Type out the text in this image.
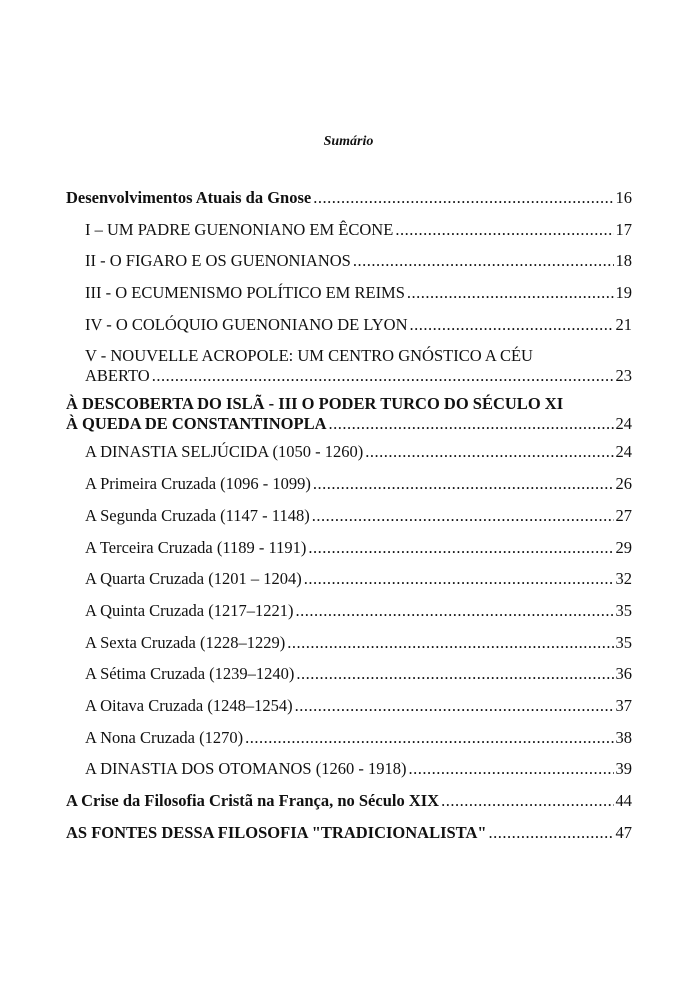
Sumário
Desenvolvimentos Atuais da Gnose .....	16
I – UM PADRE GUENONIANO EM ÊCONE .....	17
II - O FIGARO E OS GUENONIANOS .....	18
III - O ECUMENISMO POLÍTICO EM REIMS .....	19
IV - O COLÓQUIO GUENONIANO DE LYON .....	21
V - NOUVELLE ACROPOLE: UM CENTRO GNÓSTICO A CÉU
ABERTO .....	23
À DESCOBERTA DO ISLÃ - III O PODER TURCO DO SÉCULO XI
À QUEDA DE CONSTANTINOPLA .....	24
A DINASTIA SELJÚCIDA (1050 - 1260) .....	24
A Primeira Cruzada (1096 - 1099) .....	26
A Segunda Cruzada (1147 - 1148) .....	27
A Terceira Cruzada (1189 - 1191) .....	29
A Quarta Cruzada (1201 – 1204) .....	32
A Quinta Cruzada (1217–1221) .....	35
A Sexta Cruzada (1228–1229) .....	35
A Sétima Cruzada (1239–1240) .....	36
A Oitava Cruzada (1248–1254) .....	37
A Nona Cruzada (1270) .....	38
A DINASTIA DOS OTOMANOS (1260 - 1918) .....	39
A Crise da Filosofia Cristã na França, no Século XIX .....	44
AS FONTES DESSA FILOSOFIA "TRADICIONALISTA" .....	47
